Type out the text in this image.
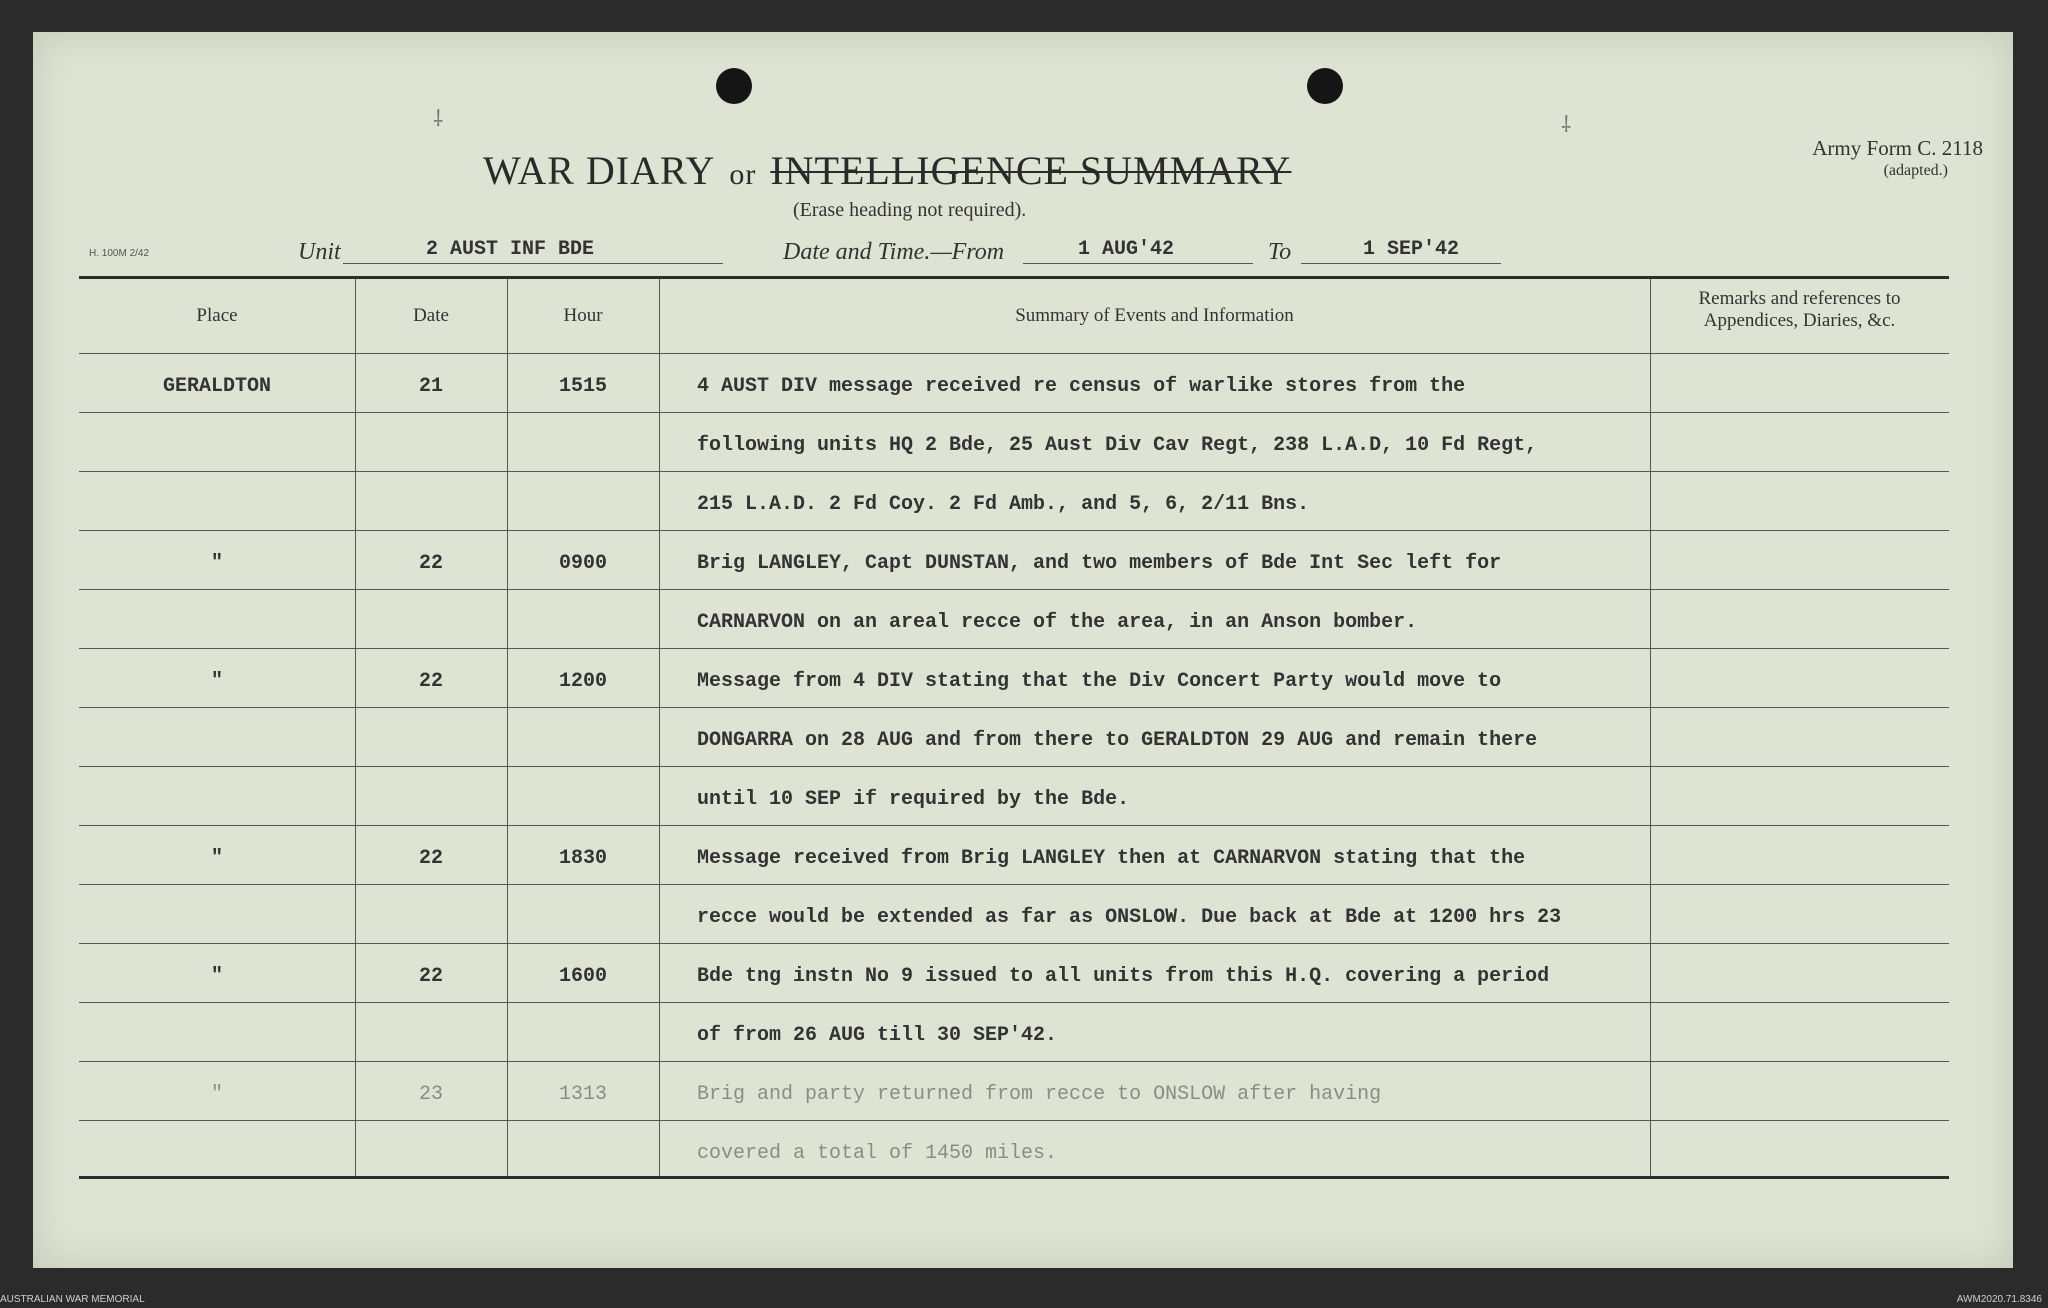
⸸	⸸
WAR DIARY or INTELLIGENCE SUMMARY
(Erase heading not required).
Army Form C. 2118
(adapted.)
H. 100M 2/42	Unit	2 AUST INF BDE	Date and Time.—From	1 AUG'42	To	1 SEP'42
Place	Date	Hour	Summary of Events and Information
Remarks and references to
Appendices, Diaries, &c.
GERALDTON	21	1515	4 AUST DIV message received re census of warlike stores from the
following units HQ 2 Bde, 25 Aust Div Cav Regt, 238 L.A.D, 10 Fd Regt,
215 L.A.D. 2 Fd Coy. 2 Fd Amb., and 5, 6, 2/11 Bns.
"	22	0900	Brig LANGLEY, Capt DUNSTAN, and two members of Bde Int Sec left for
CARNARVON on an areal recce of the area, in an Anson bomber.
"	22	1200	Message from 4 DIV stating that the Div Concert Party would move to
DONGARRA on 28 AUG and from there to GERALDTON 29 AUG and remain there
until 10 SEP if required by the Bde.
"	22	1830	Message received from Brig LANGLEY then at CARNARVON stating that the
recce would be extended as far as ONSLOW. Due back at Bde at 1200 hrs 23
"	22	1600	Bde tng instn No 9 issued to all units from this H.Q. covering a period
of from 26 AUG till 30 SEP'42.
"	23	1313	Brig and party returned from recce to ONSLOW after having
covered a total of 1450 miles.
AUSTRALIAN WAR MEMORIAL	AWM2020.71.8346
